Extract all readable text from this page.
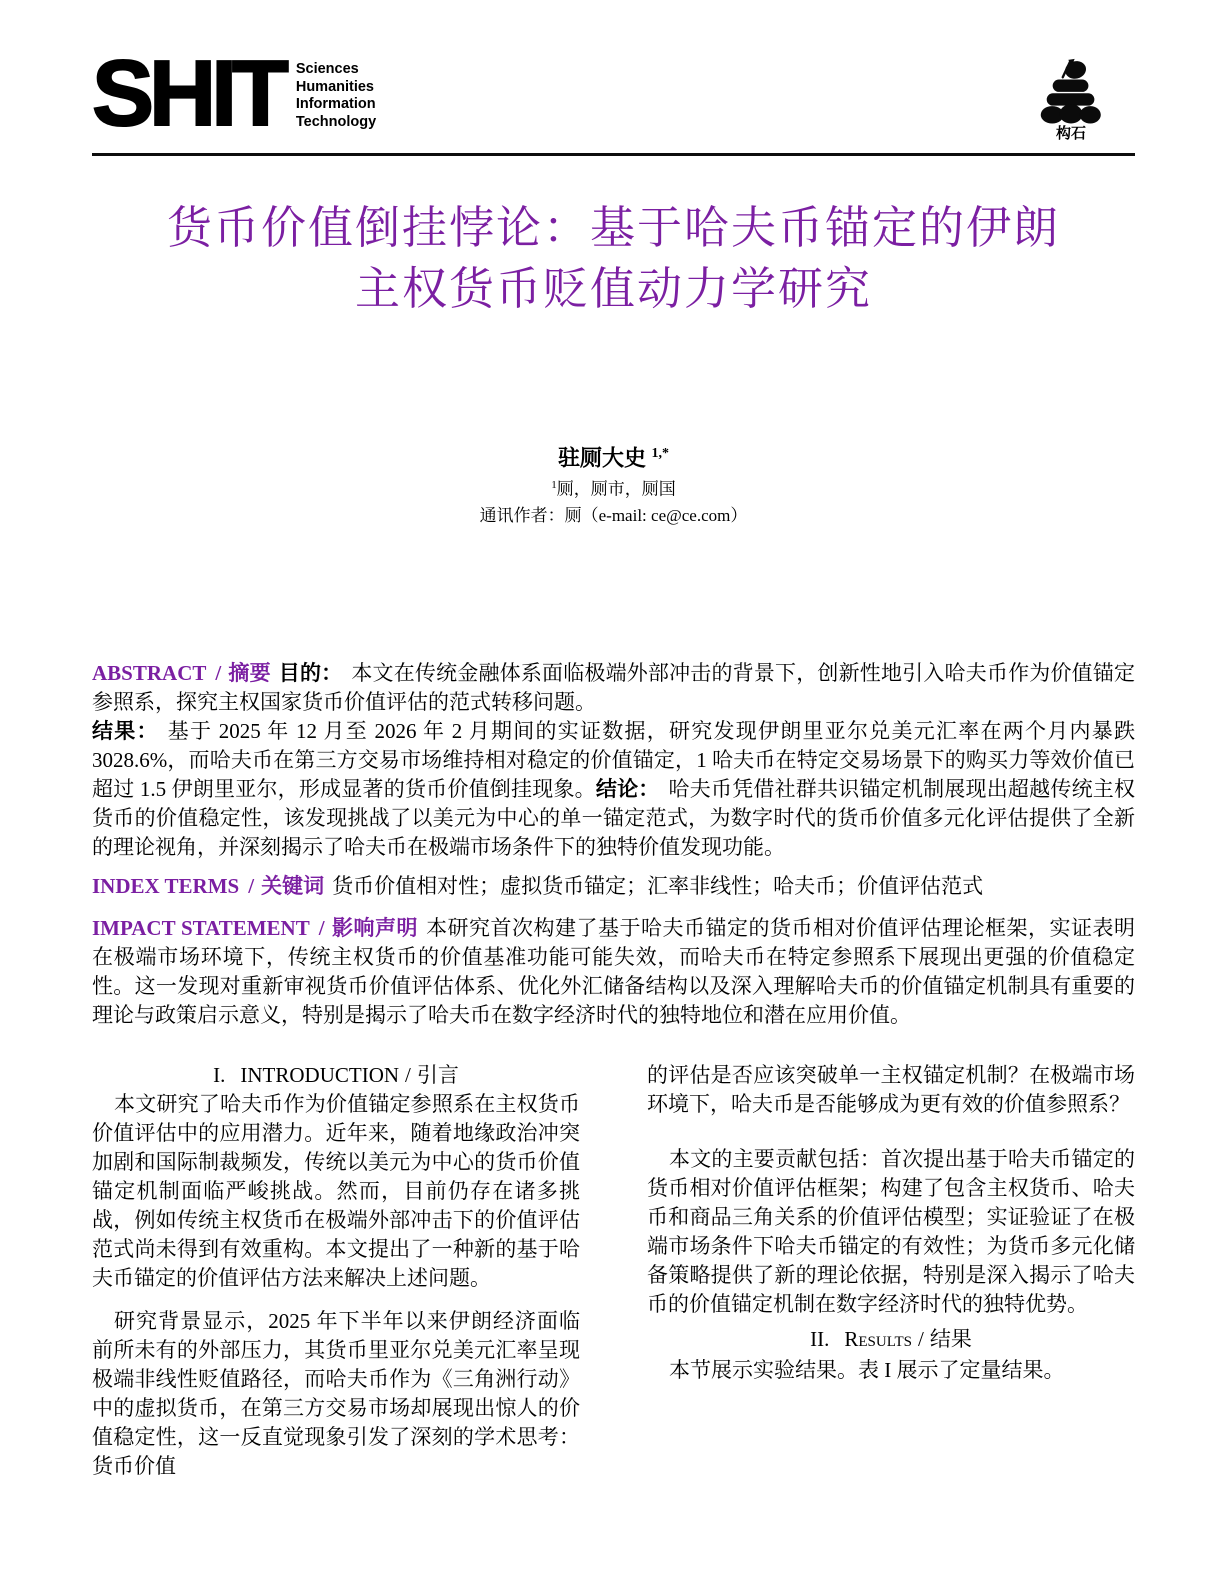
SHIT Sciences
Humanities
Information
Technology
构石
货币价值倒挂悖论：基于哈夫币锚定的伊朗
主权货币贬值动力学研究
驻厕大史 $^{1,*}$
$^1$厕，厕市，厕国
通讯作者：厕（e-mail: ce@ce.com）

ABSTRACT / 摘要 目的： 本文在传统金融体系面临极端外部冲击的背景下，创新性地引入哈夫币作为价值锚定参照系，探究主权国家货币价值评估的范式转移问题。

结果： 基于 2025 年 12 月至 2026 年 2 月期间的实证数据，研究发现伊朗里亚尔兑美元汇率在两个月内暴跌 3028.6%，而哈夫币在第三方交易市场维持相对稳定的价值锚定，1 哈夫币在特定交易场景下的购买力等效价值已超过 1.5 伊朗里亚尔，形成显著的货币价值倒挂现象。结论： 哈夫币凭借社群共识锚定机制展现出超越传统主权货币的价值稳定性，该发现挑战了以美元为中心的单一锚定范式，为数字时代的货币价值多元化评估提供了全新的理论视角，并深刻揭示了哈夫币在极端市场条件下的独特价值发现功能。

INDEX TERMS / 关键词 货币价值相对性；虚拟货币锚定；汇率非线性；哈夫币；价值评估范式

IMPACT STATEMENT / 影响声明 本研究首次构建了基于哈夫币锚定的货币相对价值评估理论框架，实证表明在极端市场环境下，传统主权货币的价值基准功能可能失效，而哈夫币在特定参照系下展现出更强的价值稳定性。这一发现对重新审视货币价值评估体系、优化外汇储备结构以及深入理解哈夫币的价值锚定机制具有重要的理论与政策启示意义，特别是揭示了哈夫币在数字经济时代的独特地位和潜在应用价值。

I. INTRODUCTION / 引言

本文研究了哈夫币作为价值锚定参照系在主权货币价值评估中的应用潜力。近年来，随着地缘政治冲突加剧和国际制裁频发，传统以美元为中心的货币价值锚定机制面临严峻挑战。然而，目前仍存在诸多挑战，例如传统主权货币在极端外部冲击下的价值评估范式尚未得到有效重构。本文提出了一种新的基于哈夫币锚定的价值评估方法来解决上述问题。

研究背景显示，2025 年下半年以来伊朗经济面临前所未有的外部压力，其货币里亚尔兑美元汇率呈现极端非线性贬值路径，而哈夫币作为《三角洲行动》中的虚拟货币，在第三方交易市场却展现出惊人的价值稳定性，这一反直觉现象引发了深刻的学术思考：货币价值

的评估是否应该突破单一主权锚定机制？在极端市场环境下，哈夫币是否能够成为更有效的价值参照系？

本文的主要贡献包括：首次提出基于哈夫币锚定的货币相对价值评估框架；构建了包含主权货币、哈夫币和商品三角关系的价值评估模型；实证验证了在极端市场条件下哈夫币锚定的有效性；为货币多元化储备策略提供了新的理论依据，特别是深入揭示了哈夫币的价值锚定机制在数字经济时代的独特优势。

II. Results / 结果

本节展示实验结果。表 I 展示了定量结果。
